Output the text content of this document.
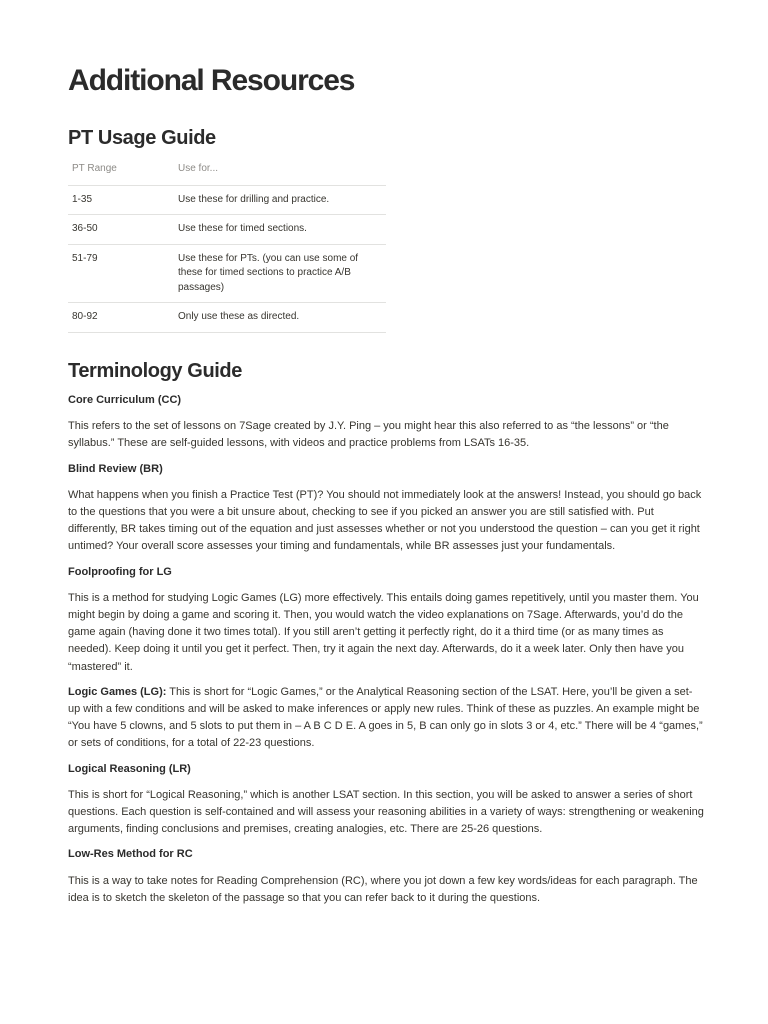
Additional Resources
PT Usage Guide
PT Range	Use for...
1-35	Use these for drilling and practice.
36-50	Use these for timed sections.
51-79	Use these for PTs. (you can use some of these for timed sections to practice A/B passages)
80-92	Only use these as directed.
Terminology Guide

Core Curriculum (CC)

This refers to the set of lessons on 7Sage created by J.Y. Ping – you might hear this also referred to as “the lessons” or “the syllabus.” These are self-guided lessons, with videos and practice problems from LSATs 16-35.

Blind Review (BR)

What happens when you finish a Practice Test (PT)? You should not immediately look at the answers! Instead, you should go back to the questions that you were a bit unsure about, checking to see if you picked an answer you are still satisfied with. Put differently, BR takes timing out of the equation and just assesses whether or not you understood the question – can you get it right untimed? Your overall score assesses your timing and fundamentals, while BR assesses just your fundamentals.

Foolproofing for LG

This is a method for studying Logic Games (LG) more effectively. This entails doing games repetitively, until you master them. You might begin by doing a game and scoring it. Then, you would watch the video explanations on 7Sage. Afterwards, you’d do the game again (having done it two times total). If you still aren’t getting it perfectly right, do it a third time (or as many times as needed). Keep doing it until you get it perfect. Then, try it again the next day. Afterwards, do it a week later. Only then have you “mastered” it.

Logic Games (LG): This is short for “Logic Games,” or the Analytical Reasoning section of the LSAT. Here, you’ll be given a set-up with a few conditions and will be asked to make inferences or apply new rules. Think of these as puzzles. An example might be “You have 5 clowns, and 5 slots to put them in – A B C D E. A goes in 5, B can only go in slots 3 or 4, etc.” There will be 4 “games,” or sets of conditions, for a total of 22-23 questions.

Logical Reasoning (LR)

This is short for “Logical Reasoning,” which is another LSAT section. In this section, you will be asked to answer a series of short questions. Each question is self-contained and will assess your reasoning abilities in a variety of ways: strengthening or weakening arguments, finding conclusions and premises, creating analogies, etc. There are 25-26 questions.

Low-Res Method for RC

This is a way to take notes for Reading Comprehension (RC), where you jot down a few key words/ideas for each paragraph. The idea is to sketch the skeleton of the passage so that you can refer back to it during the questions.
